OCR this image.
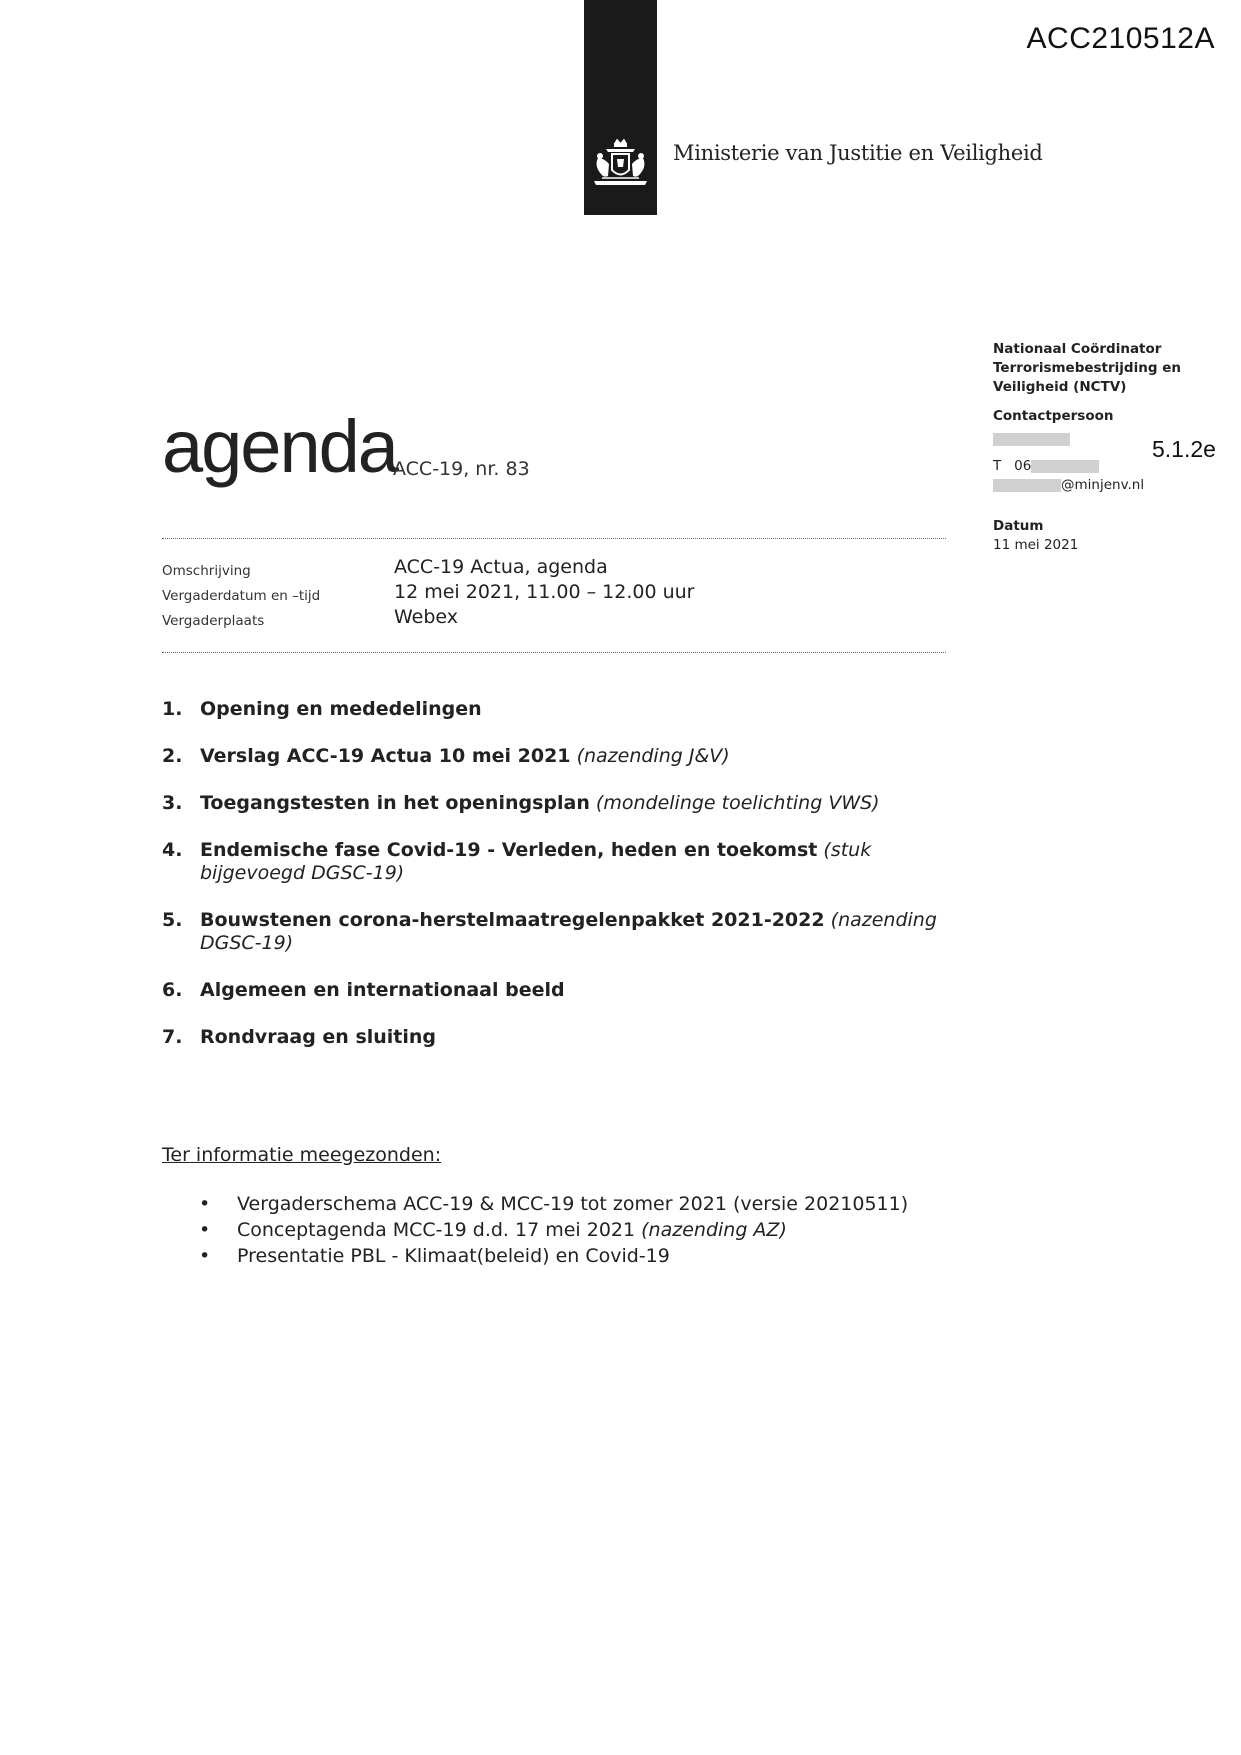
ACC210512A
Ministerie van Justitie en Veiligheid
agenda
ACC-19, nr. 83
Omschrijving	ACC-19 Actua, agenda
Vergaderdatum en –tijd	12 mei 2021, 11.00 – 12.00 uur
Vergaderplaats	Webex
1. Opening en mededelingen
2. Verslag ACC-19 Actua 10 mei 2021 (nazending J&V)
3. Toegangstesten in het openingsplan (mondelinge toelichting VWS)
4. Endemische fase Covid-19 - Verleden, heden en toekomst (stuk bijgevoegd DGSC-19)
5. Bouwstenen corona-herstelmaatregelenpakket 2021-2022 (nazending DGSC-19)
6. Algemeen en internationaal beeld
7. Rondvraag en sluiting
Ter informatie meegezonden:
• Vergaderschema ACC-19 & MCC-19 tot zomer 2021 (versie 20210511)
• Conceptagenda MCC-19 d.d. 17 mei 2021 (nazending AZ)
• Presentatie PBL - Klimaat(beleid) en Covid-19
Nationaal Coördinator
Terrorismebestrijding en
Veiligheid (NCTV)
Contactpersoon
T 06
@minjenv.nl
Datum
11 mei 2021
5.1.2e
